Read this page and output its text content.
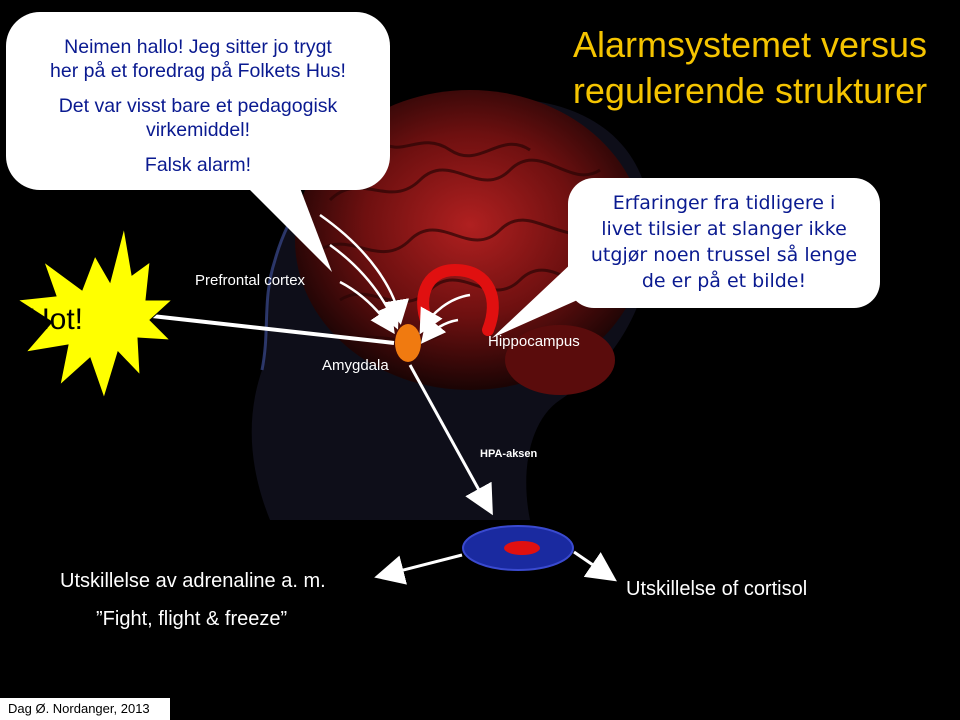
Alarmsystemet versus
regulerende strukturer
Neimen hallo! Jeg sitter jo trygt
her på et foredrag på Folkets Hus!
Det var visst bare et pedagogisk
virkemiddel!
Falsk alarm!
Erfaringer fra tidligere i
livet tilsier at slanger ikke
utgjør noen trussel så lenge
de er på et bilde!
Hot!
Prefrontal cortex
Amygdala
Hippocampus
HPA-aksen
Utskillelse av adrenaline a. m.
”Fight, flight & freeze”
Utskillelse of cortisol
Dag Ø. Nordanger, 2013
